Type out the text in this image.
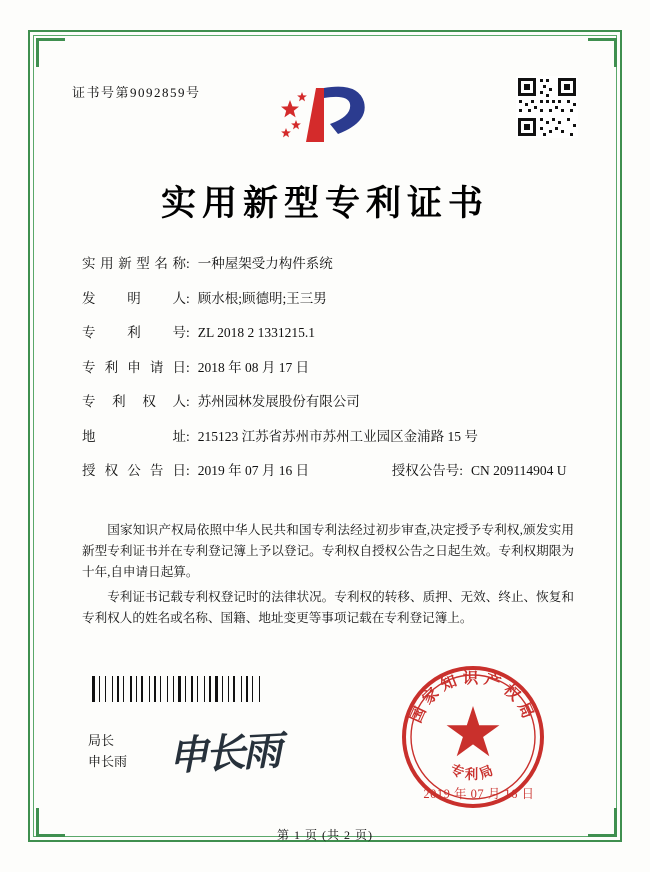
证书号第9092859号
实用新型专利证书
实用新型名称 : 一种屋架受力构件系统
发 明 人 : 顾水根;顾德明;王三男
专 利 号 : ZL 2018 2 1331215.1
专利申请日 : 2018 年 08 月 17 日
专 利 权 人 : 苏州园林发展股份有限公司
地 址 : 215123 江苏省苏州市苏州工业园区金浦路 15 号
授权公告日 : 2019 年 07 月 16 日	授权公告号: CN 209114904 U

国家知识产权局依照中华人民共和国专利法经过初步审查,决定授予专利权,颁发实用新型专利证书并在专利登记簿上予以登记。专利权自授权公告之日起生效。专利权期限为十年,自申请日起算。

专利证书记载专利权登记时的法律状况。专利权的转移、质押、无效、终止、恢复和专利权人的姓名或名称、国籍、地址变更等事项记载在专利登记簿上。

局长
申长雨 申长雨
国家知识产权局
专利局
2019 年 07 月 16 日
第 1 页 (共 2 页)
